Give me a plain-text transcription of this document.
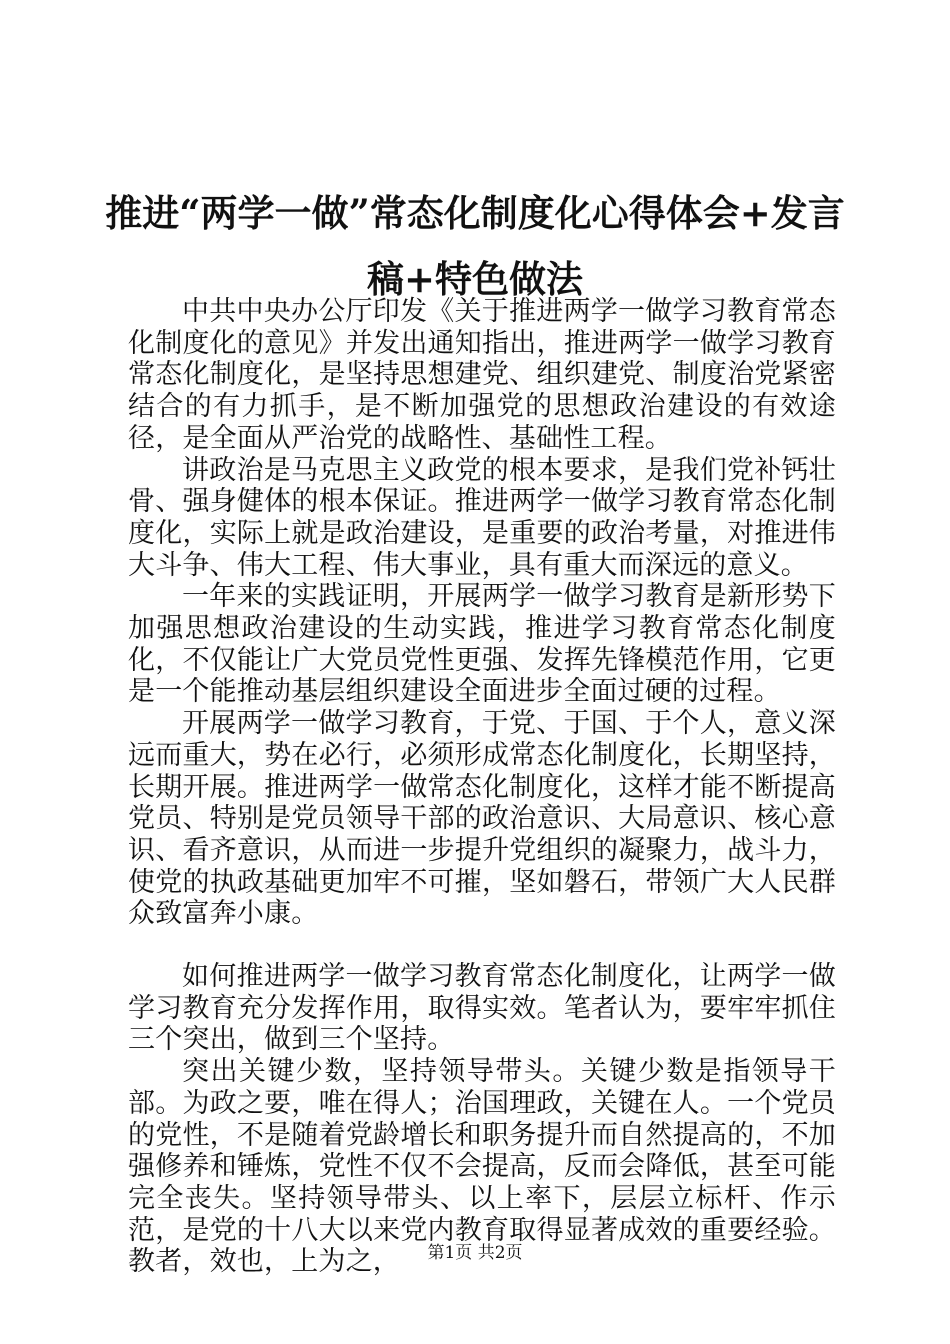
推进“两学一做”常态化制度化心得体会+发言稿+特色做法

中共中央办公厅印发《关于推进两学一做学习教育常态化制度化的意见》并发出通知指出，推进两学一做学习教育常态化制度化，是坚持思想建党、组织建党、制度治党紧密结合的有力抓手，是不断加强党的思想政治建设的有效途径，是全面从严治党的战略性、基础性工程。

讲政治是马克思主义政党的根本要求，是我们党补钙壮骨、强身健体的根本保证。推进两学一做学习教育常态化制度化，实际上就是政治建设，是重要的政治考量，对推进伟大斗争、伟大工程、伟大事业，具有重大而深远的意义。

一年来的实践证明，开展两学一做学习教育是新形势下加强思想政治建设的生动实践，推进学习教育常态化制度化，不仅能让广大党员党性更强、发挥先锋模范作用，它更是一个能推动基层组织建设全面进步全面过硬的过程。

开展两学一做学习教育，于党、于国、于个人，意义深远而重大，势在必行，必须形成常态化制度化，长期坚持，长期开展。推进两学一做常态化制度化，这样才能不断提高党员、特别是党员领导干部的政治意识、大局意识、核心意识、看齐意识，从而进一步提升党组织的凝聚力，战斗力，使党的执政基础更加牢不可摧，坚如磐石，带领广大人民群众致富奔小康。

如何推进两学一做学习教育常态化制度化，让两学一做学习教育充分发挥作用，取得实效。笔者认为，要牢牢抓住三个突出，做到三个坚持。

突出关键少数，坚持领导带头。关键少数是指领导干部。为政之要，唯在得人；治国理政，关键在人。一个党员的党性，不是随着党龄增长和职务提升而自然提高的，不加强修养和锤炼，党性不仅不会提高，反而会降低，甚至可能完全丧失。坚持领导带头、以上率下，层层立标杆、作示范，是党的十八大以来党内教育取得显著成效的重要经验。教者，效也，上为之，	第1页 共2页
